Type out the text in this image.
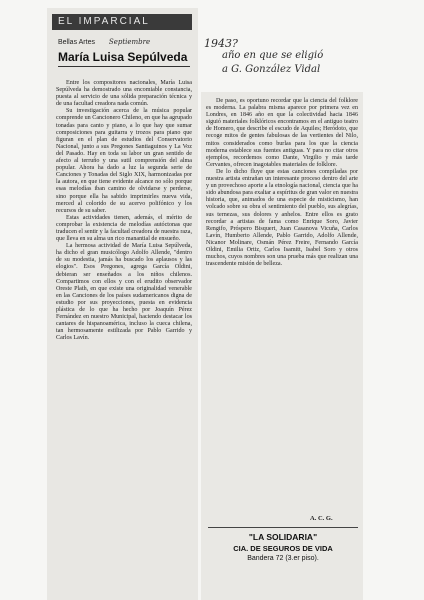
EL IMPARCIAL
Bellas Artes Septiembre
María Luisa Sepúlveda
1943?
año en que se eligió
a G. González Vidal

Entre los compositores nacionales, María Luisa Sepúlveda ha demostrado una encomiable constancia, puesta al servicio de una sólida preparación técnica y de una facultad creadora nada común.

Su investigación acerca de la música popular comprende un Cancionero Chileno, en que ha agrupado tonadas para canto y piano, a lo que hay que sumar composiciones para guitarra y trozos para piano que figuran en el plan de estudios del Conservatorio Nacional, junto a sus Pregones Santiaguinos y La Voz del Pasado. Hay en toda su labor un gran sentido de afecto al terruño y una sutil comprensión del alma popular. Ahora ha dado a luz la segunda serie de Canciones y Tonadas del Siglo XIX, harmonizadas por la autora, en que tiene evidente alcance no sólo porque esas melodías iban camino de olvidarse y perderse, sino porque ella ha sabido imprimirles nueva vida, merced al colorido de su acervo polifónico y los recursos de su saber.

Estas actividades tienen, además, el mérito de comprobar la existencia de melodías autóctonas que traducen el sentir y la facultad creadora de nuestra raza, que lleva en su alma un rico manantial de ensueño.

La hermosa actividad de María Luisa Sepúlveda, ha dicho el gran musicólogo Adolfo Allende, "dentro de su modestia, jamás ha buscado los aplausos y las elogios". Esos Pregones, agrega García Oldini, debieran ser enseñados a los niños chilenos. Compartimos con ellos y con el erudito observador Oreste Plath, en que existe una originalidad venerable en las Canciones de los países sudamericanos digna de estudio por sus proyecciones, puesta en evidencia plástica de lo que ha hecho por Joaquín Pérez Fernández en nuestro Municipal, haciendo destacar los cantares de hispanoamérica, incluso la cueca chilena, tan hermosamente estilizada por Pablo Garrido y Carlos Lavín.

De paso, es oportuno recordar que la ciencia del folklore es moderna. La palabra misma aparece por primera vez en Londres, en 1846 año en que la colectividad hacia 1846 siguió materiales folklóricos encontramos en el antiguo teatro de Homero, que describe el escudo de Aquiles; Heródoto, que recoge mitos de gentes fabulosas de las vertientes del Nilo, mitos considerados como burlas para los que la ciencia moderna establece sus fuentes antiguas. Y para no citar otros ejemplos, recordemos como Dante, Virgilio y más tarde Cervantes, ofrecen inagotables materiales de folklore.

De lo dicho fluye que estas canciones compiladas por nuestra artista entrañan un interesante proceso dentro del arte y un provechoso aporte a la etnología nacional, ciencia que ha sido abundosa para exaltar a espíritus de gran valor en nuestra historia, que, animados de una especie de misticismo, han volcado sobre su obra el sentimiento del pueblo, sus alegrías, sus ternezas, sus dolores y anhelos. Entre ellos es grato recordar a artistas de fama como Enrique Soro, Javier Rengifo, Próspero Bisquert, Juan Casanova Vicuña, Carlos Lavín, Humberto Allende, Pablo Garrido, Adolfo Allende, Nicanor Molinare, Osmán Pérez Freire, Fernando García Oldini, Emilia Ortiz, Carlos Isamitt, Isabel Soro y otros muchos, cuyos nombres son una prueba más que realizan una trascendente misión de belleza.

A. C. G.
"LA SOLIDARIA"
CIA. DE SEGUROS DE VIDA
Bandera 72 (3.er piso).
